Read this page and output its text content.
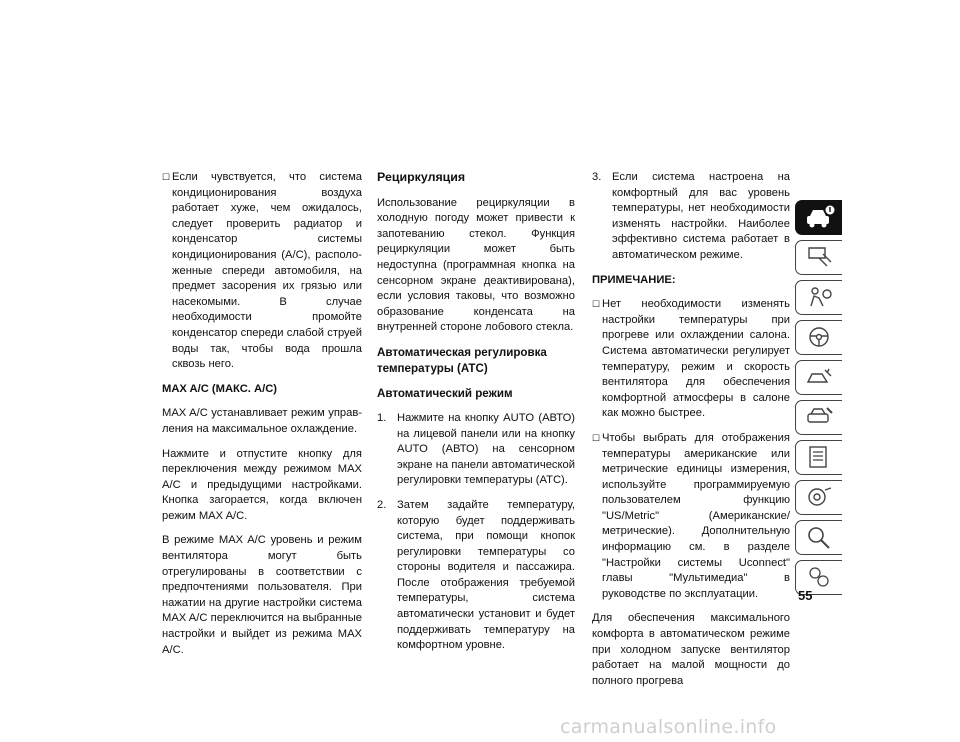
☐ Если чувствуется, что система кондиционирования воздуха работает хуже, чем ожидалось, следует проверить радиатор и конденсатор системы кондиционирования (A/C), расположенные спереди автомобиля, на предмет засорения их грязью или насекомыми. В случае необходимости промойте конденсатор спереди слабой струей воды так, чтобы вода прошла сквозь него.

MAX A/C (МАКС. A/C)

MAX A/C устанавливает режим управления на максимальное охлаждение.

Нажмите и отпустите кнопку для переключения между режимом MAX A/C и предыдущими настройками. Кнопка загорается, когда включен режим MAX A/C.

В режиме MAX A/C уровень и режим вентилятора могут быть отрегулированы в соответствии с предпочтениями пользователя. При нажатии на другие настройки система MAX A/C переключится на выбранные настройки и выйдет из режима MAX A/C.

Рециркуляция

Использование рециркуляции в холодную погоду может привести к запотеванию стекол. Функция рециркуляции может быть недоступна (программная кнопка на сенсорном экране деактивирована), если условия таковы, что возможно образование конденсата на внутренней стороне лобового стекла.

Автоматическая регулировка температуры (ATC)
Автоматический режим
1. Нажмите на кнопку AUTO (АВТО) на лицевой панели или на кнопку AUTO (АВТО) на сенсорном экране на панели автоматической регулировки температуры (ATC).
2. Затем задайте температуру, которую будет поддерживать система, при помощи кнопок регулировки температуры со стороны водителя и пассажира. После отображения требуемой температуры, система автоматически установит и будет поддерживать температуру на комфортном уровне.
3. Если система настроена на комфортный для вас уровень температуры, нет необходимости изменять настройки. Наиболее эффективно система работает в автоматическом режиме.

ПРИМЕЧАНИЕ:

☐ Нет необходимости изменять настройки температуры при прогреве или охлаждении салона. Система автоматически регулирует температуру, режим и скорость вентилятора для обеспечения комфортной атмосферы в салоне как можно быстрее.
☐ Чтобы выбрать для отображения температуры американские или метрические единицы измерения, используйте программируемую пользователем функцию "US/Metric" (Американские/метрические). Дополнительную информацию см. в разделе "Настройки системы Uconnect" главы "Мультимедиа" в руководстве по эксплуатации.

Для обеспечения максимального комфорта в автоматическом режиме при холодном запуске вентилятор работает на малой мощности до полного прогрева

55
carmanualsonline.info
